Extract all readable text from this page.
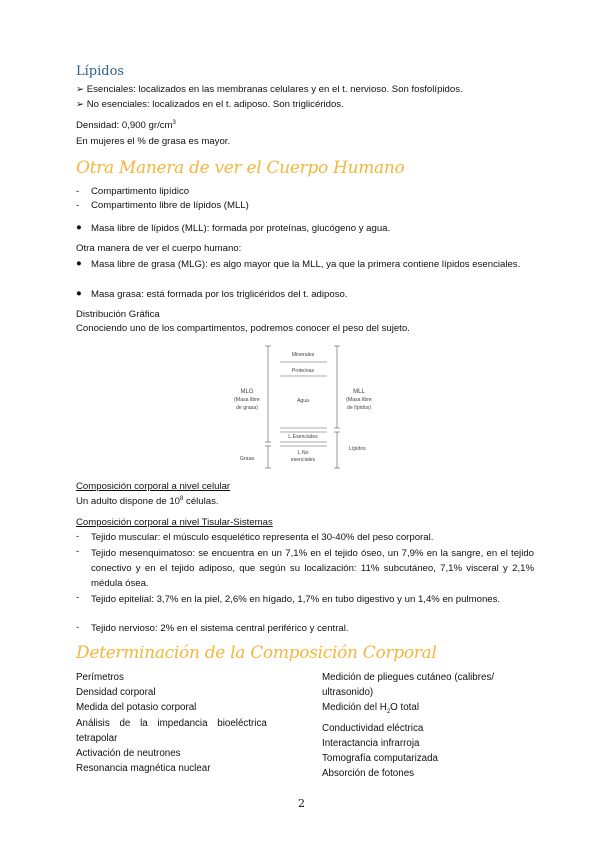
Lípidos
➢ Esenciales: localizados en las membranas celulares y en el t. nervioso. Son fosfolípidos.
➢ No esenciales: localizados en el t. adiposo. Son triglicéridos.
Densidad: 0,900 $gr/cm^3$
En mujeres el % de grasa es mayor.
Otra Manera de ver el Cuerpo Humano
- Compartimento lipídico
- Compartimento libre de lípidos (MLL)
● Masa libre de lípidos (MLL): formada por proteínas, glucógeno y agua.
Otra manera de ver el cuerpo humano:
● Masa libre de grasa (MLG): es algo mayor que la MLL, ya que la primera contiene lípidos esenciales.
● Masa grasa: está formada por los triglicéridos del t. adiposo.
Distribución Gráfica
Conociendo uno de los compartimentos, podremos conocer el peso del sujeto.
Minerales
Proteínas
Agua
L.Esenciales
L.No
esenciales
MLG
(Masa libre
de grasa)
Grasa
MLL
(Masa libre
de lípidos)
Lípidos
Composición corporal a nivel celular
Un adulto dispone de $10^8$ células.
Composición corporal a nivel Tisular-Sistemas
-	Tejido muscular: el músculo esquelético representa el 30-40% del peso corporal.
-	Tejido mesenquimatoso: se encuentra en un 7,1% en el tejido óseo, un 7,9% en la sangre, en el tejido conectivo y en el tejido adiposo, que según su localización: 11% subcutáneo, 7,1% visceral y 2,1% médula ósea.
-	Tejido epitelial: 3,7% en la piel, 2,6% en hígado, 1,7% en tubo digestivo y un 1,4% en pulmones.
-	Tejido nervioso: 2% en el sistema central periférico y central.
Determinación de la Composición Corporal
Perímetros
Densidad corporal
Medida del potasio corporal
Análisis de la impedancia bioeléctrica
tetrapolar
Activación de neutrones
Resonancia magnética nuclear
Medición de pliegues cutáneo (calibres/
ultrasonido)
Medición del $H_2O$ total
Conductividad eléctrica
Interactancia infrarroja
Tomografía computarizada
Absorción de fotones
2
